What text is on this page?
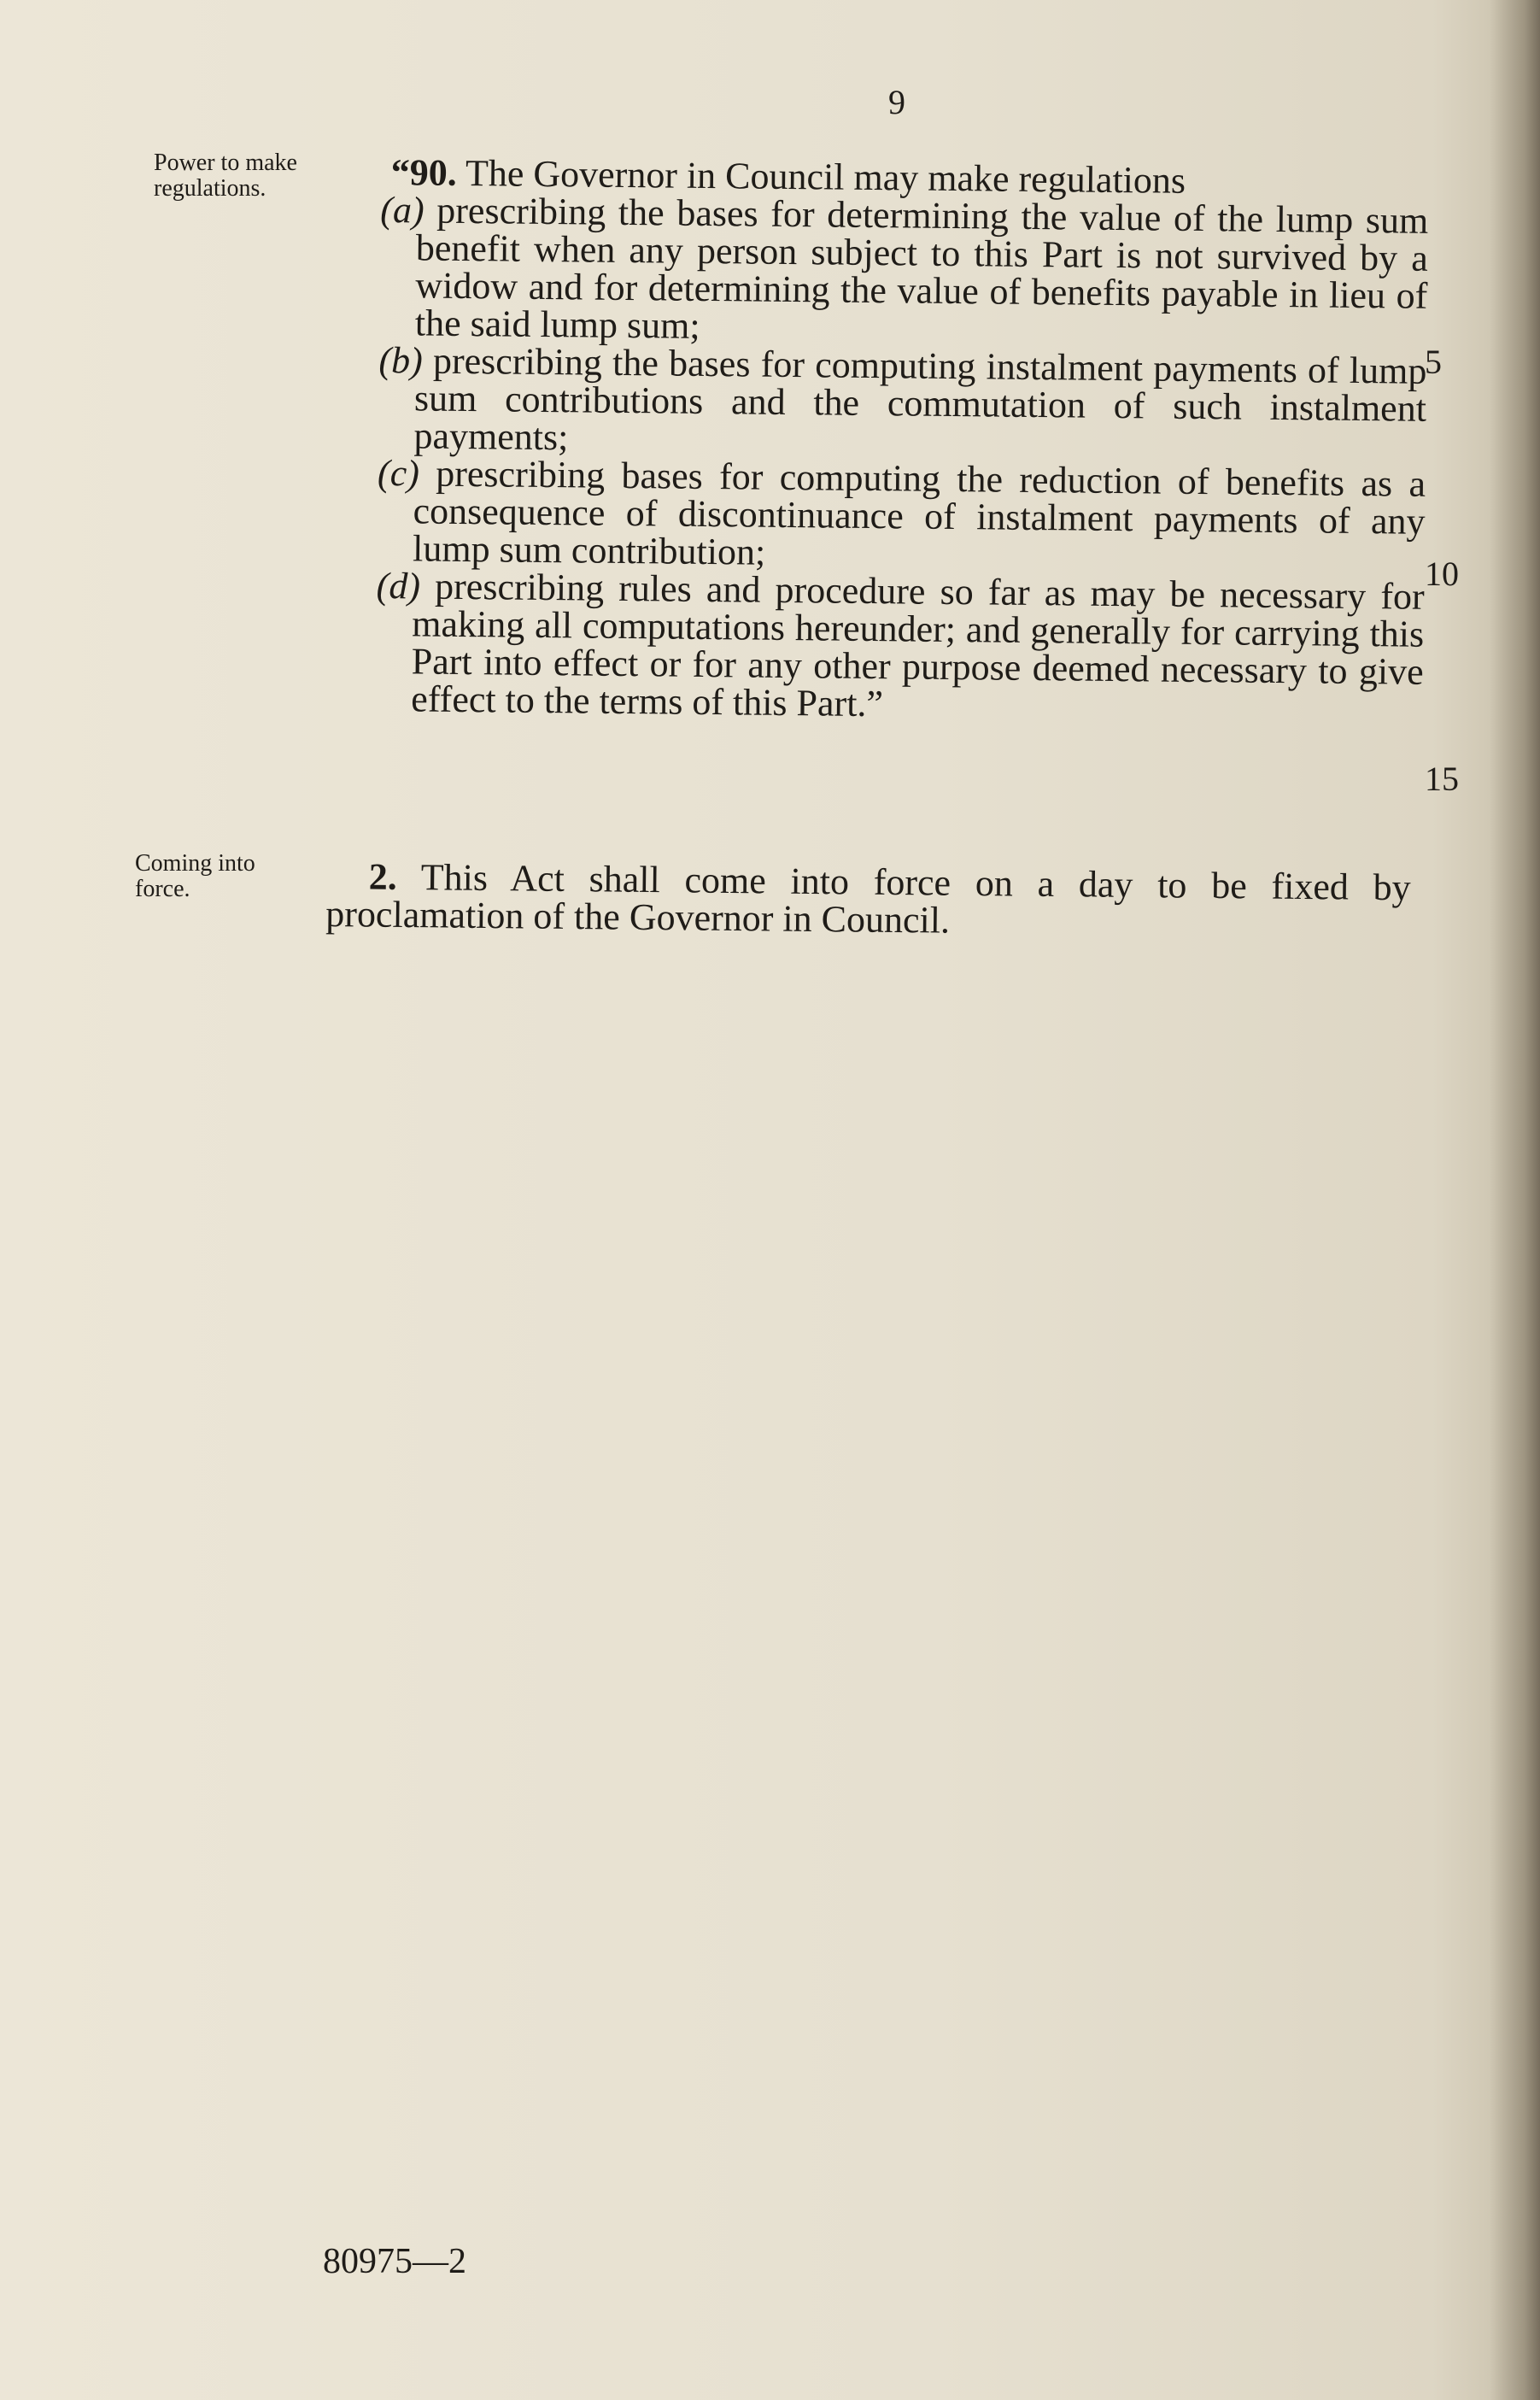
9
Power to make regulations.
Coming into force.

“90. The Governor in Council may make regulations

(a) prescribing the bases for determining the value of the lump sum benefit when any person subject to this Part is not survived by a widow and for determining the value of benefits payable in lieu of the said lump sum;

(b) prescribing the bases for computing instalment payments of lump sum contributions and the commutation of such instalment payments;

(c) prescribing bases for computing the reduction of benefits as a consequence of discontinuance of instalment payments of any lump sum contribution;

(d) prescribing rules and procedure so far as may be necessary for making all computations hereunder; and generally for carrying this Part into effect or for any other purpose deemed necessary to give effect to the terms of this Part.”

5
10
15

2. This Act shall come into force on a day to be fixed by proclamation of the Governor in Council.

80975—2
